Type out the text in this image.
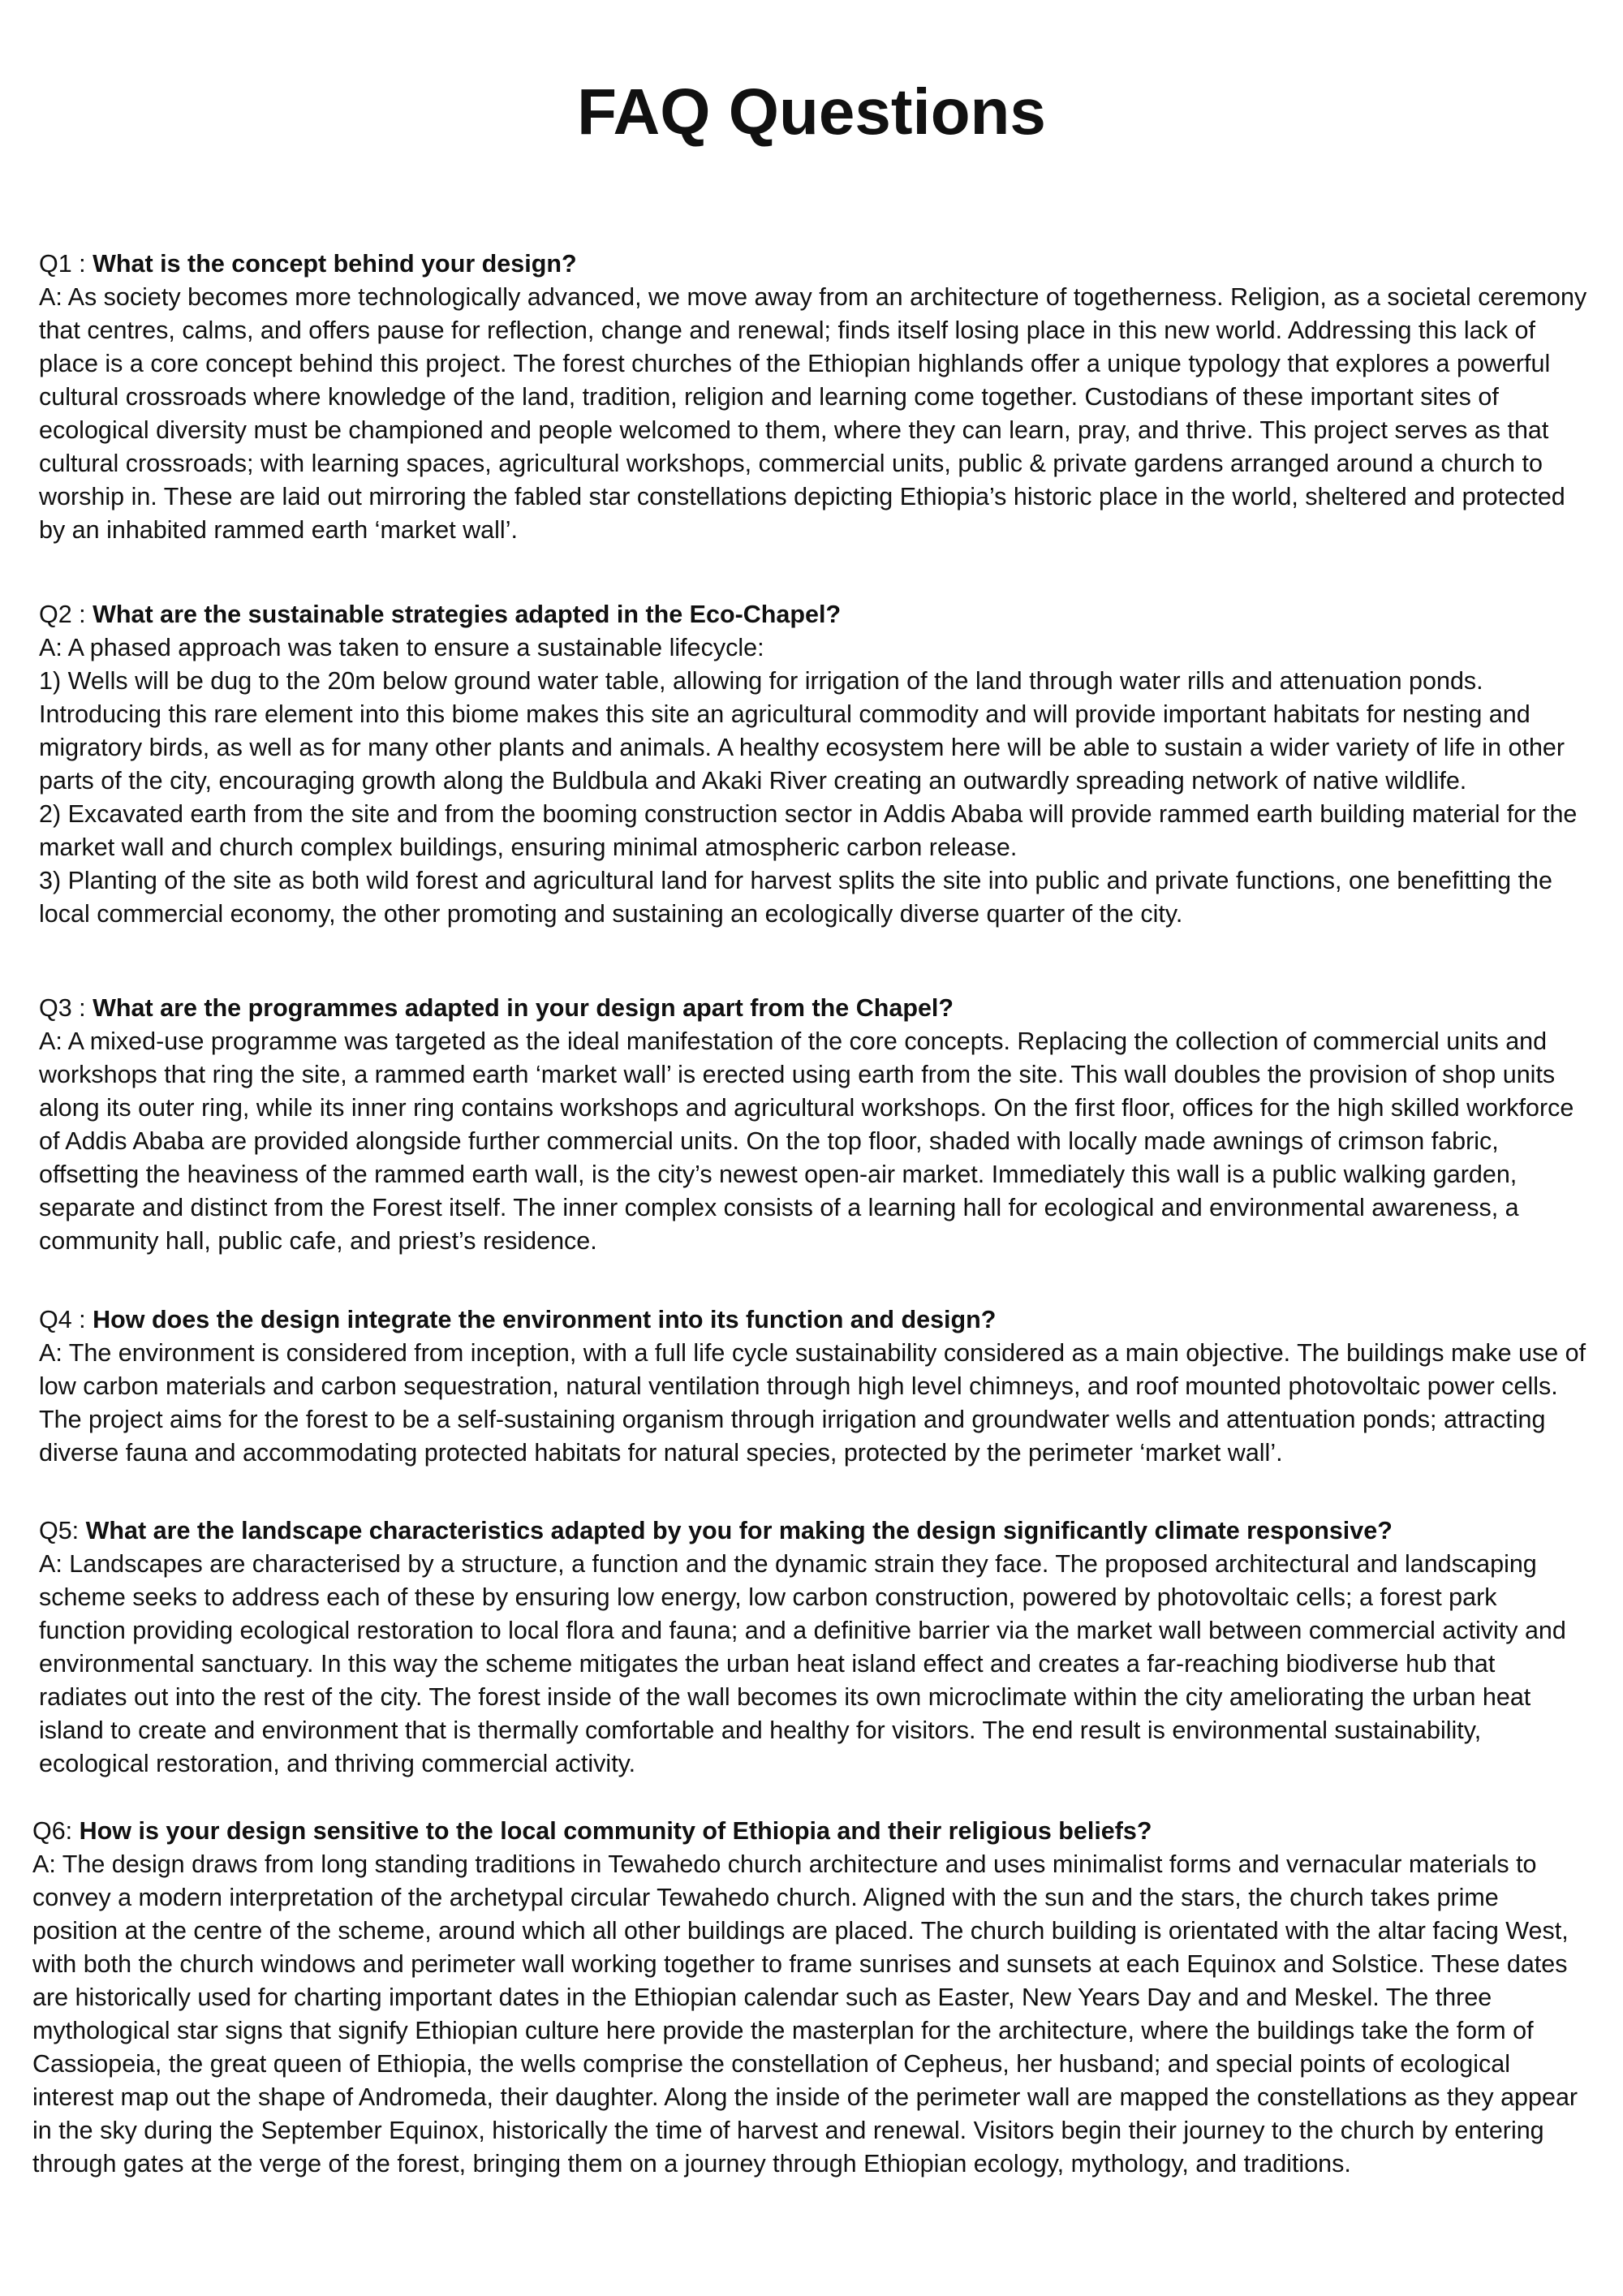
FAQ Questions

Q1 : What is the concept behind your design?

A: As society becomes more technologically advanced, we move away from an architecture of togetherness. Religion, as a societal ceremony that centres, calms, and offers pause for reflection, change and renewal; finds itself losing place in this new world. Addressing this lack of place is a core concept behind this project. The forest churches of the Ethiopian highlands offer a unique typology that explores a powerful cultural crossroads where knowledge of the land, tradition, religion and learning come together. Custodians of these important sites of ecological diversity must be championed and people welcomed to them, where they can learn, pray, and thrive. This project serves as that cultural crossroads; with learning spaces, agricultural workshops, commercial units, public & private gardens arranged around a church to worship in. These are laid out mirroring the fabled star constellations depicting Ethiopia’s historic place in the world, sheltered and protected by an inhabited rammed earth ‘market wall’.

Q2 : What are the sustainable strategies adapted in the Eco-Chapel?

A: A phased approach was taken to ensure a sustainable lifecycle:

1) Wells will be dug to the 20m below ground water table, allowing for irrigation of the land through water rills and attenuation ponds. Introducing this rare element into this biome makes this site an agricultural commodity and will provide important habitats for nesting and migratory birds, as well as for many other plants and animals. A healthy ecosystem here will be able to sustain a wider variety of life in other parts of the city, encouraging growth along the Buldbula and Akaki River creating an outwardly spreading network of native wildlife.

2) Excavated earth from the site and from the booming construction sector in Addis Ababa will provide rammed earth building material for the market wall and church complex buildings, ensuring minimal atmospheric carbon release.

3) Planting of the site as both wild forest and agricultural land for harvest splits the site into public and private functions, one benefitting the local commercial economy, the other promoting and sustaining an ecologically diverse quarter of the city.

Q3 : What are the programmes adapted in your design apart from the Chapel?

A: A mixed-use programme was targeted as the ideal manifestation of the core concepts. Replacing the collection of commercial units and workshops that ring the site, a rammed earth ‘market wall’ is erected using earth from the site. This wall doubles the provision of shop units along its outer ring, while its inner ring contains workshops and agricultural workshops. On the first floor, offices for the high skilled workforce of Addis Ababa are provided alongside further commercial units. On the top floor, shaded with locally made awnings of crimson fabric, offsetting the heaviness of the rammed earth wall, is the city’s newest open-air market. Immediately this wall is a public walking garden, separate and distinct from the Forest itself. The inner complex consists of a learning hall for ecological and environmental awareness, a community hall, public cafe, and priest’s residence.

Q4 : How does the design integrate the environment into its function and design?

A: The environment is considered from inception, with a full life cycle sustainability considered as a main objective. The buildings make use of low carbon materials and carbon sequestration, natural ventilation through high level chimneys, and roof mounted photovoltaic power cells. The project aims for the forest to be a self-sustaining organism through irrigation and groundwater wells and attentuation ponds; attracting diverse fauna and accommodating protected habitats for natural species, protected by the perimeter ‘market wall’.

Q5: What are the landscape characteristics adapted by you for making the design significantly climate responsive?

A: Landscapes are characterised by a structure, a function and the dynamic strain they face. The proposed architectural and landscaping scheme seeks to address each of these by ensuring low energy, low carbon construction, powered by photovoltaic cells; a forest park function providing ecological restoration to local flora and fauna; and a definitive barrier via the market wall between commercial activity and environmental sanctuary. In this way the scheme mitigates the urban heat island effect and creates a far-reaching biodiverse hub that radiates out into the rest of the city. The forest inside of the wall becomes its own microclimate within the city ameliorating the urban heat island to create and environment that is thermally comfortable and healthy for visitors. The end result is environmental sustainability, ecological restoration, and thriving commercial activity.

Q6: How is your design sensitive to the local community of Ethiopia and their religious beliefs?

A: The design draws from long standing traditions in Tewahedo church architecture and uses minimalist forms and vernacular materials to convey a modern interpretation of the archetypal circular Tewahedo church. Aligned with the sun and the stars, the church takes prime position at the centre of the scheme, around which all other buildings are placed. The church building is orientated with the altar facing West, with both the church windows and perimeter wall working together to frame sunrises and sunsets at each Equinox and Solstice. These dates are historically used for charting important dates in the Ethiopian calendar such as Easter, New Years Day and and Meskel. The three mythological star signs that signify Ethiopian culture here provide the masterplan for the architecture, where the buildings take the form of Cassiopeia, the great queen of Ethiopia, the wells comprise the constellation of Cepheus, her husband; and special points of ecological interest map out the shape of Andromeda, their daughter. Along the inside of the perimeter wall are mapped the constellations as they appear in the sky during the September Equinox, historically the time of harvest and renewal. Visitors begin their journey to the church by entering through gates at the verge of the forest, bringing them on a journey through Ethiopian ecology, mythology, and traditions.
